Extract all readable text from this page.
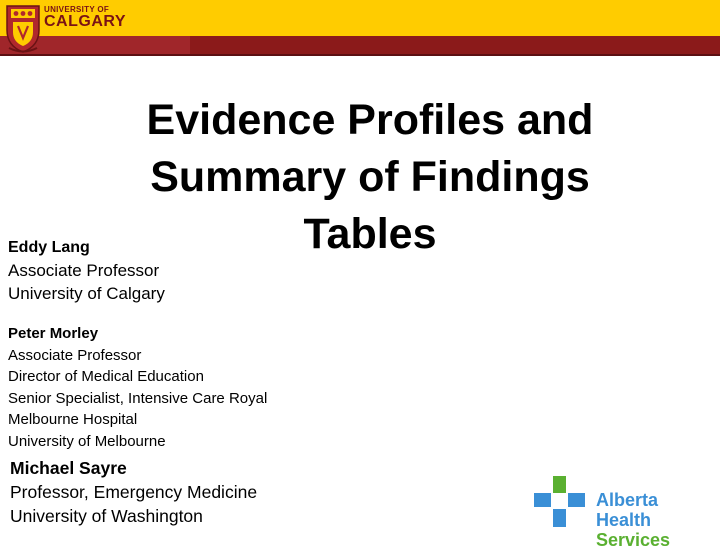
UNIVERSITY OF
CALGARY
Evidence Profiles and
Summary of Findings
Tables
Eddy Lang
Associate Professor
University of Calgary
Peter Morley
Associate Professor
Director of Medical Education
Senior Specialist, Intensive Care Royal
Melbourne Hospital
University of Melbourne
Michael Sayre
Professor, Emergency Medicine
University of Washington
Alberta Health
Services
